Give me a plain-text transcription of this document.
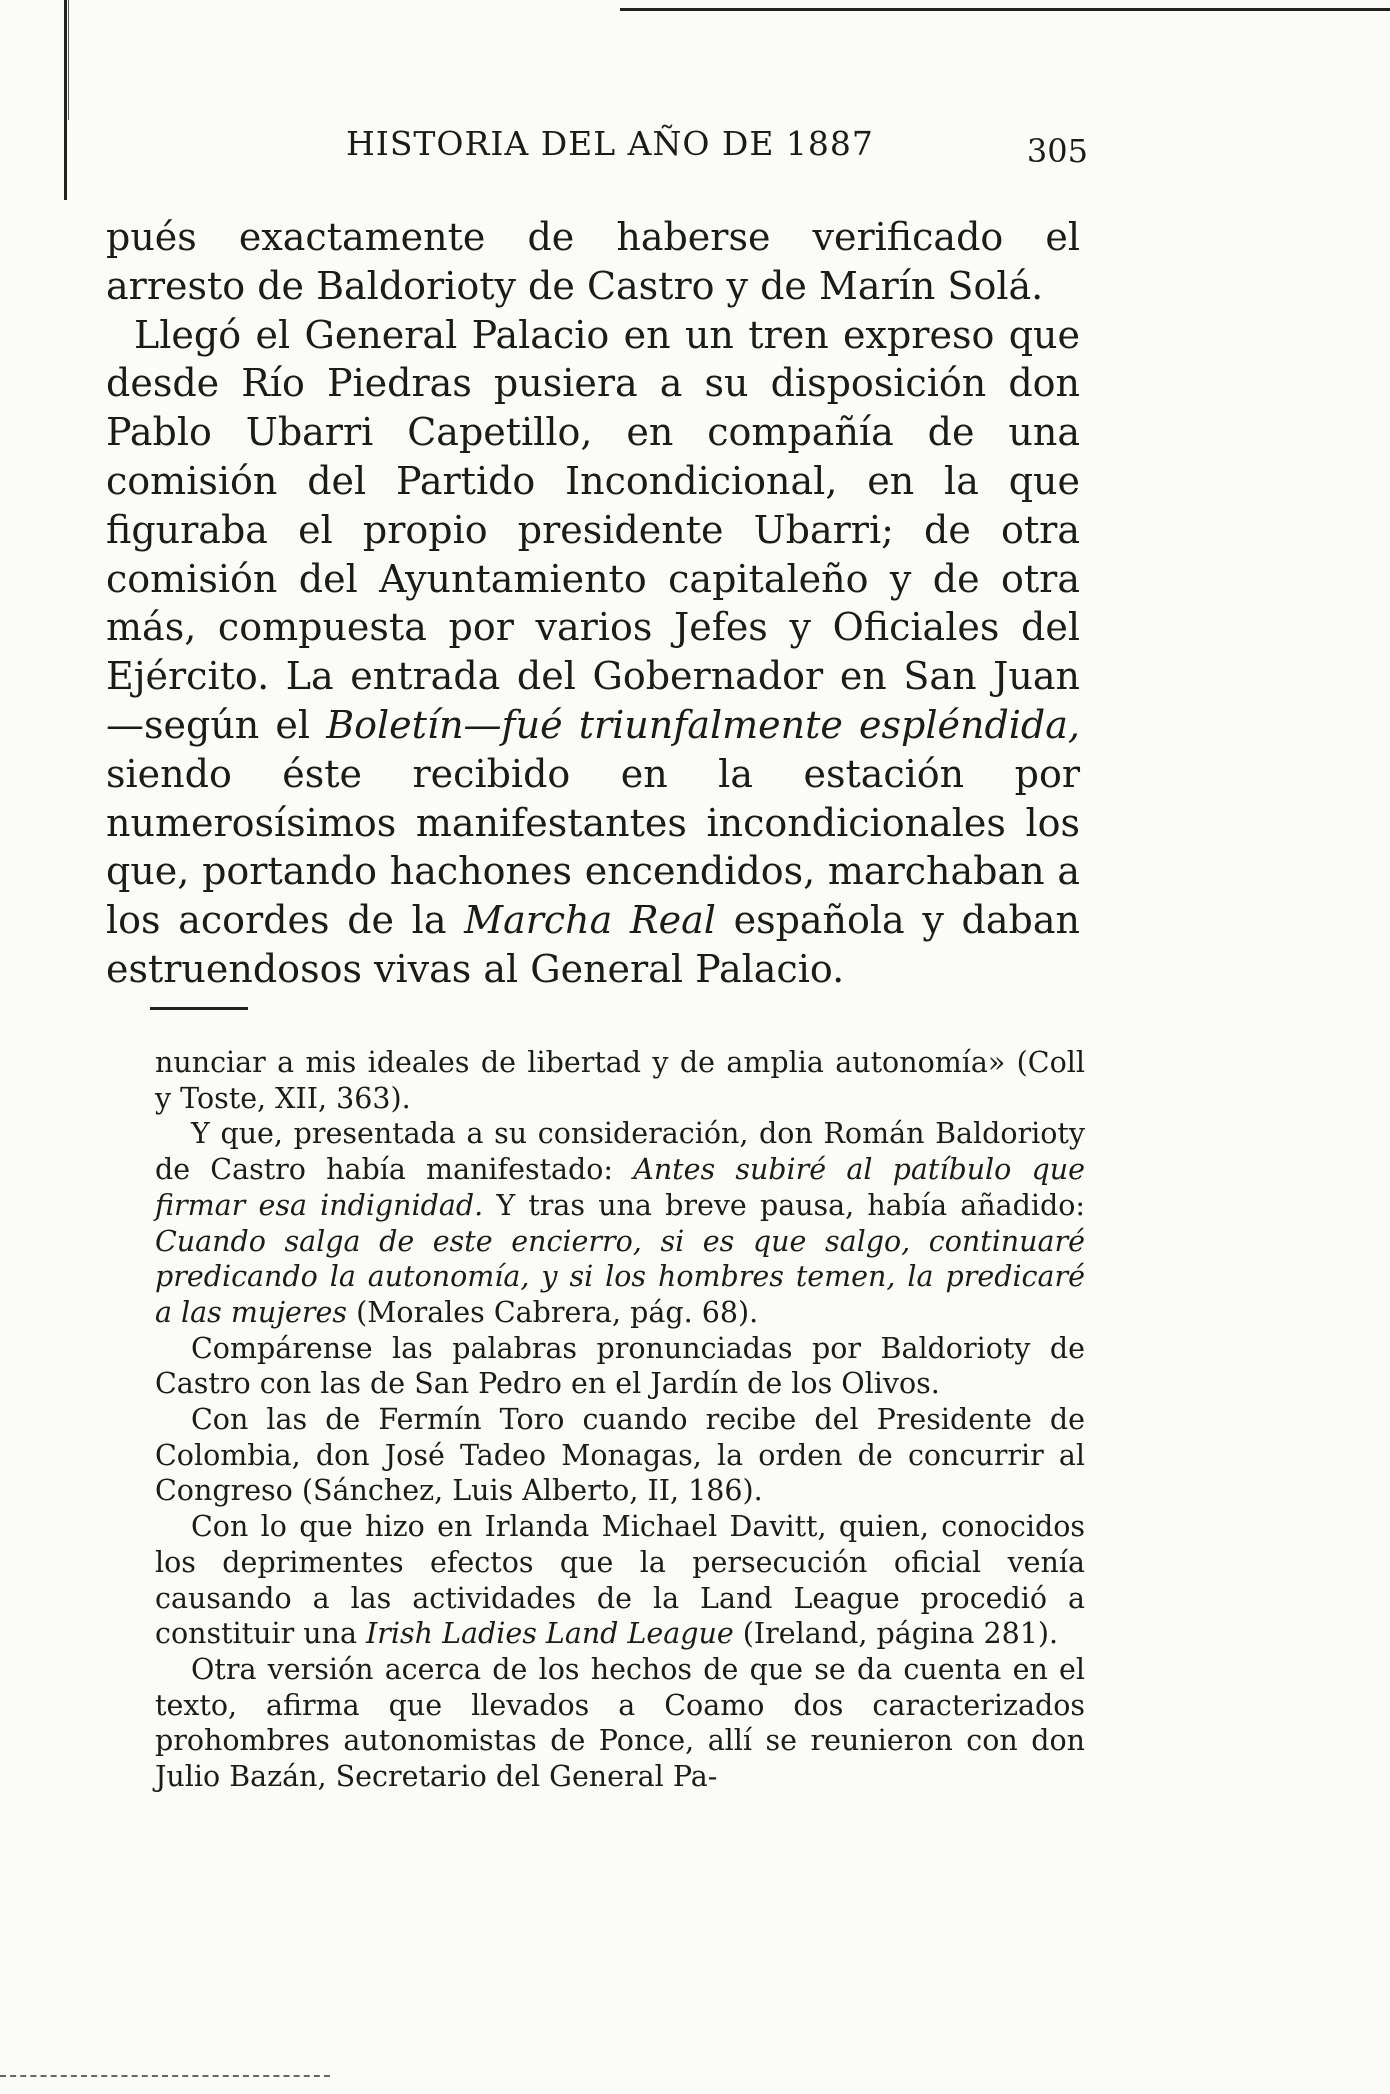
HISTORIA DEL AÑO DE 1887	305

pués exactamente de haberse verificado el arresto de Baldorioty de Castro y de Marín Solá.

Llegó el General Palacio en un tren expreso que desde Río Piedras pusiera a su disposición don Pablo Ubarri Capetillo, en compañía de una comisión del Partido Incondicional, en la que figuraba el propio presidente Ubarri; de otra comisión del Ayuntamiento capitaleño y de otra más, compuesta por varios Jefes y Oficiales del Ejército. La entrada del Gobernador en San Juan—según el Boletín—fué triunfalmente espléndida, siendo éste recibido en la estación por numerosísimos manifestantes incondicionales los que, portando hachones encendidos, marchaban a los acordes de la Marcha Real española y daban estruendosos vivas al General Palacio.

nunciar a mis ideales de libertad y de amplia autonomía» (Coll y Toste, XII, 363).

Y que, presentada a su consideración, don Román Baldorioty de Castro había manifestado: Antes subiré al patíbulo que firmar esa indignidad. Y tras una breve pausa, había añadido: Cuando salga de este encierro, si es que salgo, continuaré predicando la autonomía, y si los hombres temen, la predicaré a las mujeres (Morales Cabrera, pág. 68).

Compárense las palabras pronunciadas por Baldorioty de Castro con las de San Pedro en el Jardín de los Olivos.

Con las de Fermín Toro cuando recibe del Presidente de Colombia, don José Tadeo Monagas, la orden de concurrir al Congreso (Sánchez, Luis Alberto, II, 186).

Con lo que hizo en Irlanda Michael Davitt, quien, conocidos los deprimentes efectos que la persecución oficial venía causando a las actividades de la Land League procedió a constituir una Irish Ladies Land League (Ireland, página 281).

Otra versión acerca de los hechos de que se da cuenta en el texto, afirma que llevados a Coamo dos caracterizados prohombres autonomistas de Ponce, allí se reunieron con don Julio Bazán, Secretario del General Pa-
